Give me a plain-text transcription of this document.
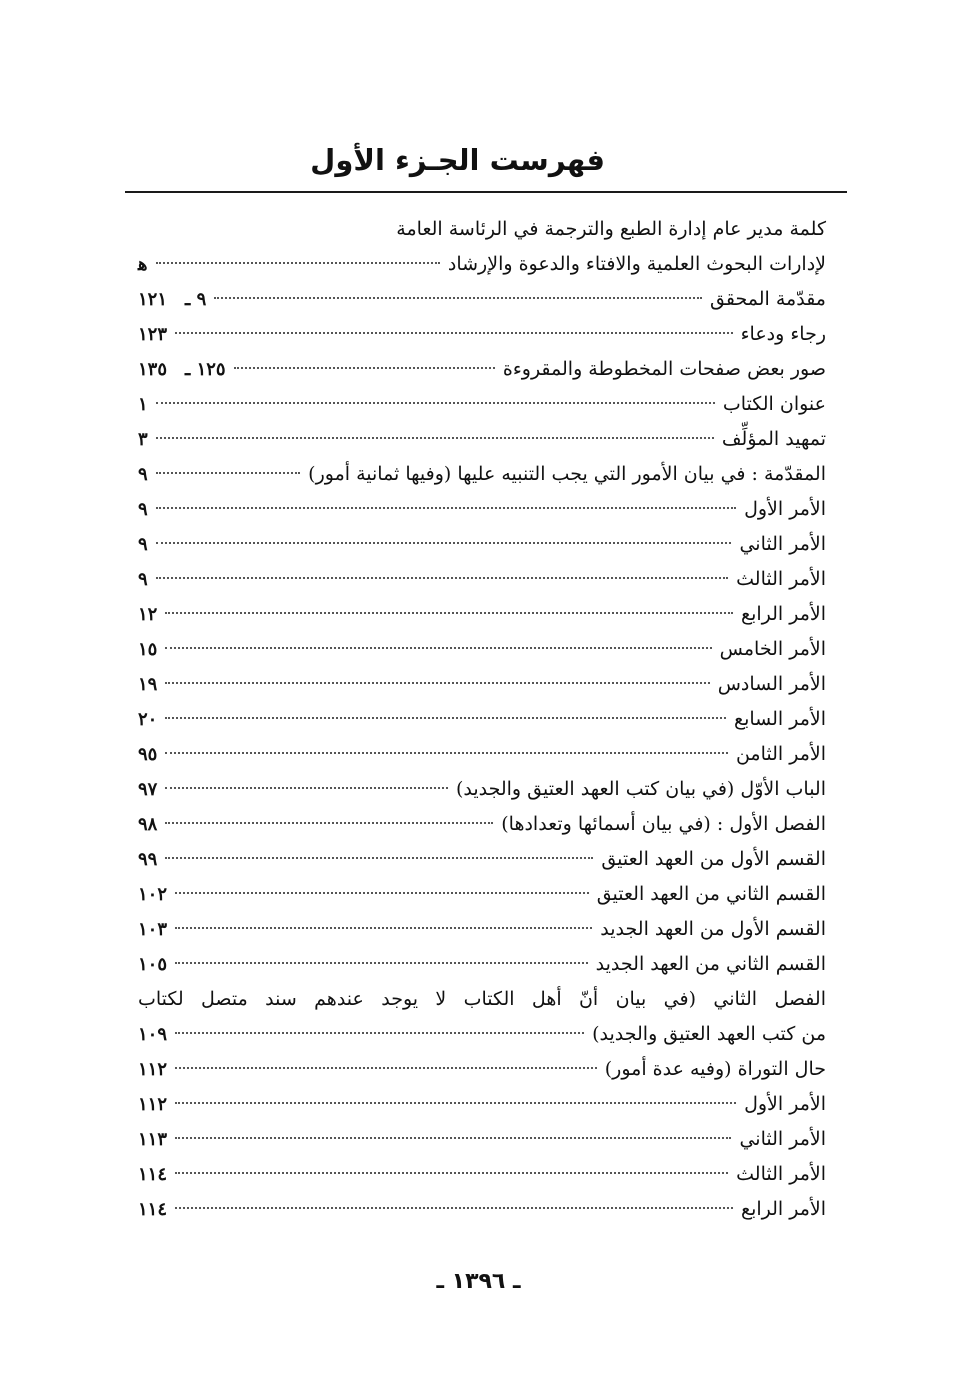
فهرست الجـزء الأول
كلمة مدير عام إدارة الطبع والترجمة في الرئاسة العامة
لإدارات البحوث العلمية والافتاء والدعوة والإرشاد
ﻫ
مقدّمة المحقق
٩ ـ
١٢١
رجاء ودعاء
١٢٣
صور بعض صفحات المخطوطة والمقروءة
١٢٥ ـ
١٣٥
عنوان الكتاب
١
تمهيد المؤلِّف
٣
المقدّمة : في بيان الأمور التي يجب التنبيه عليها (وفيها ثمانية أمور)
٩
الأمر الأول
٩
الأمر الثاني
٩
الأمر الثالث
٩
الأمر الرابع
١٢
الأمر الخامس
١٥
الأمر السادس
١٩
الأمر السابع
٢٠
الأمر الثامن
٩٥
الباب الأوّل (في بيان كتب العهد العتيق والجديد)
٩٧
الفصل الأول : (في بيان أسمائها وتعدادها)
٩٨
القسم الأول من العهد العتيق
٩٩
القسم الثاني من العهد العتيق
١٠٢
القسم الأول من العهد الجديد
١٠٣
القسم الثاني من العهد الجديد
١٠٥
الفصل الثاني (في بيان أنّ أهل الكتاب لا يوجد عندهم سند متصل لكتاب
من كتب العهد العتيق والجديد)
١٠٩
حال التوراة (وفيه عدة أمور)
١١٢
الأمر الأول
١١٢
الأمر الثاني
١١٣
الأمر الثالث
١١٤
الأمر الرابع
١١٤
ـ ١٣٩٦ ـ
